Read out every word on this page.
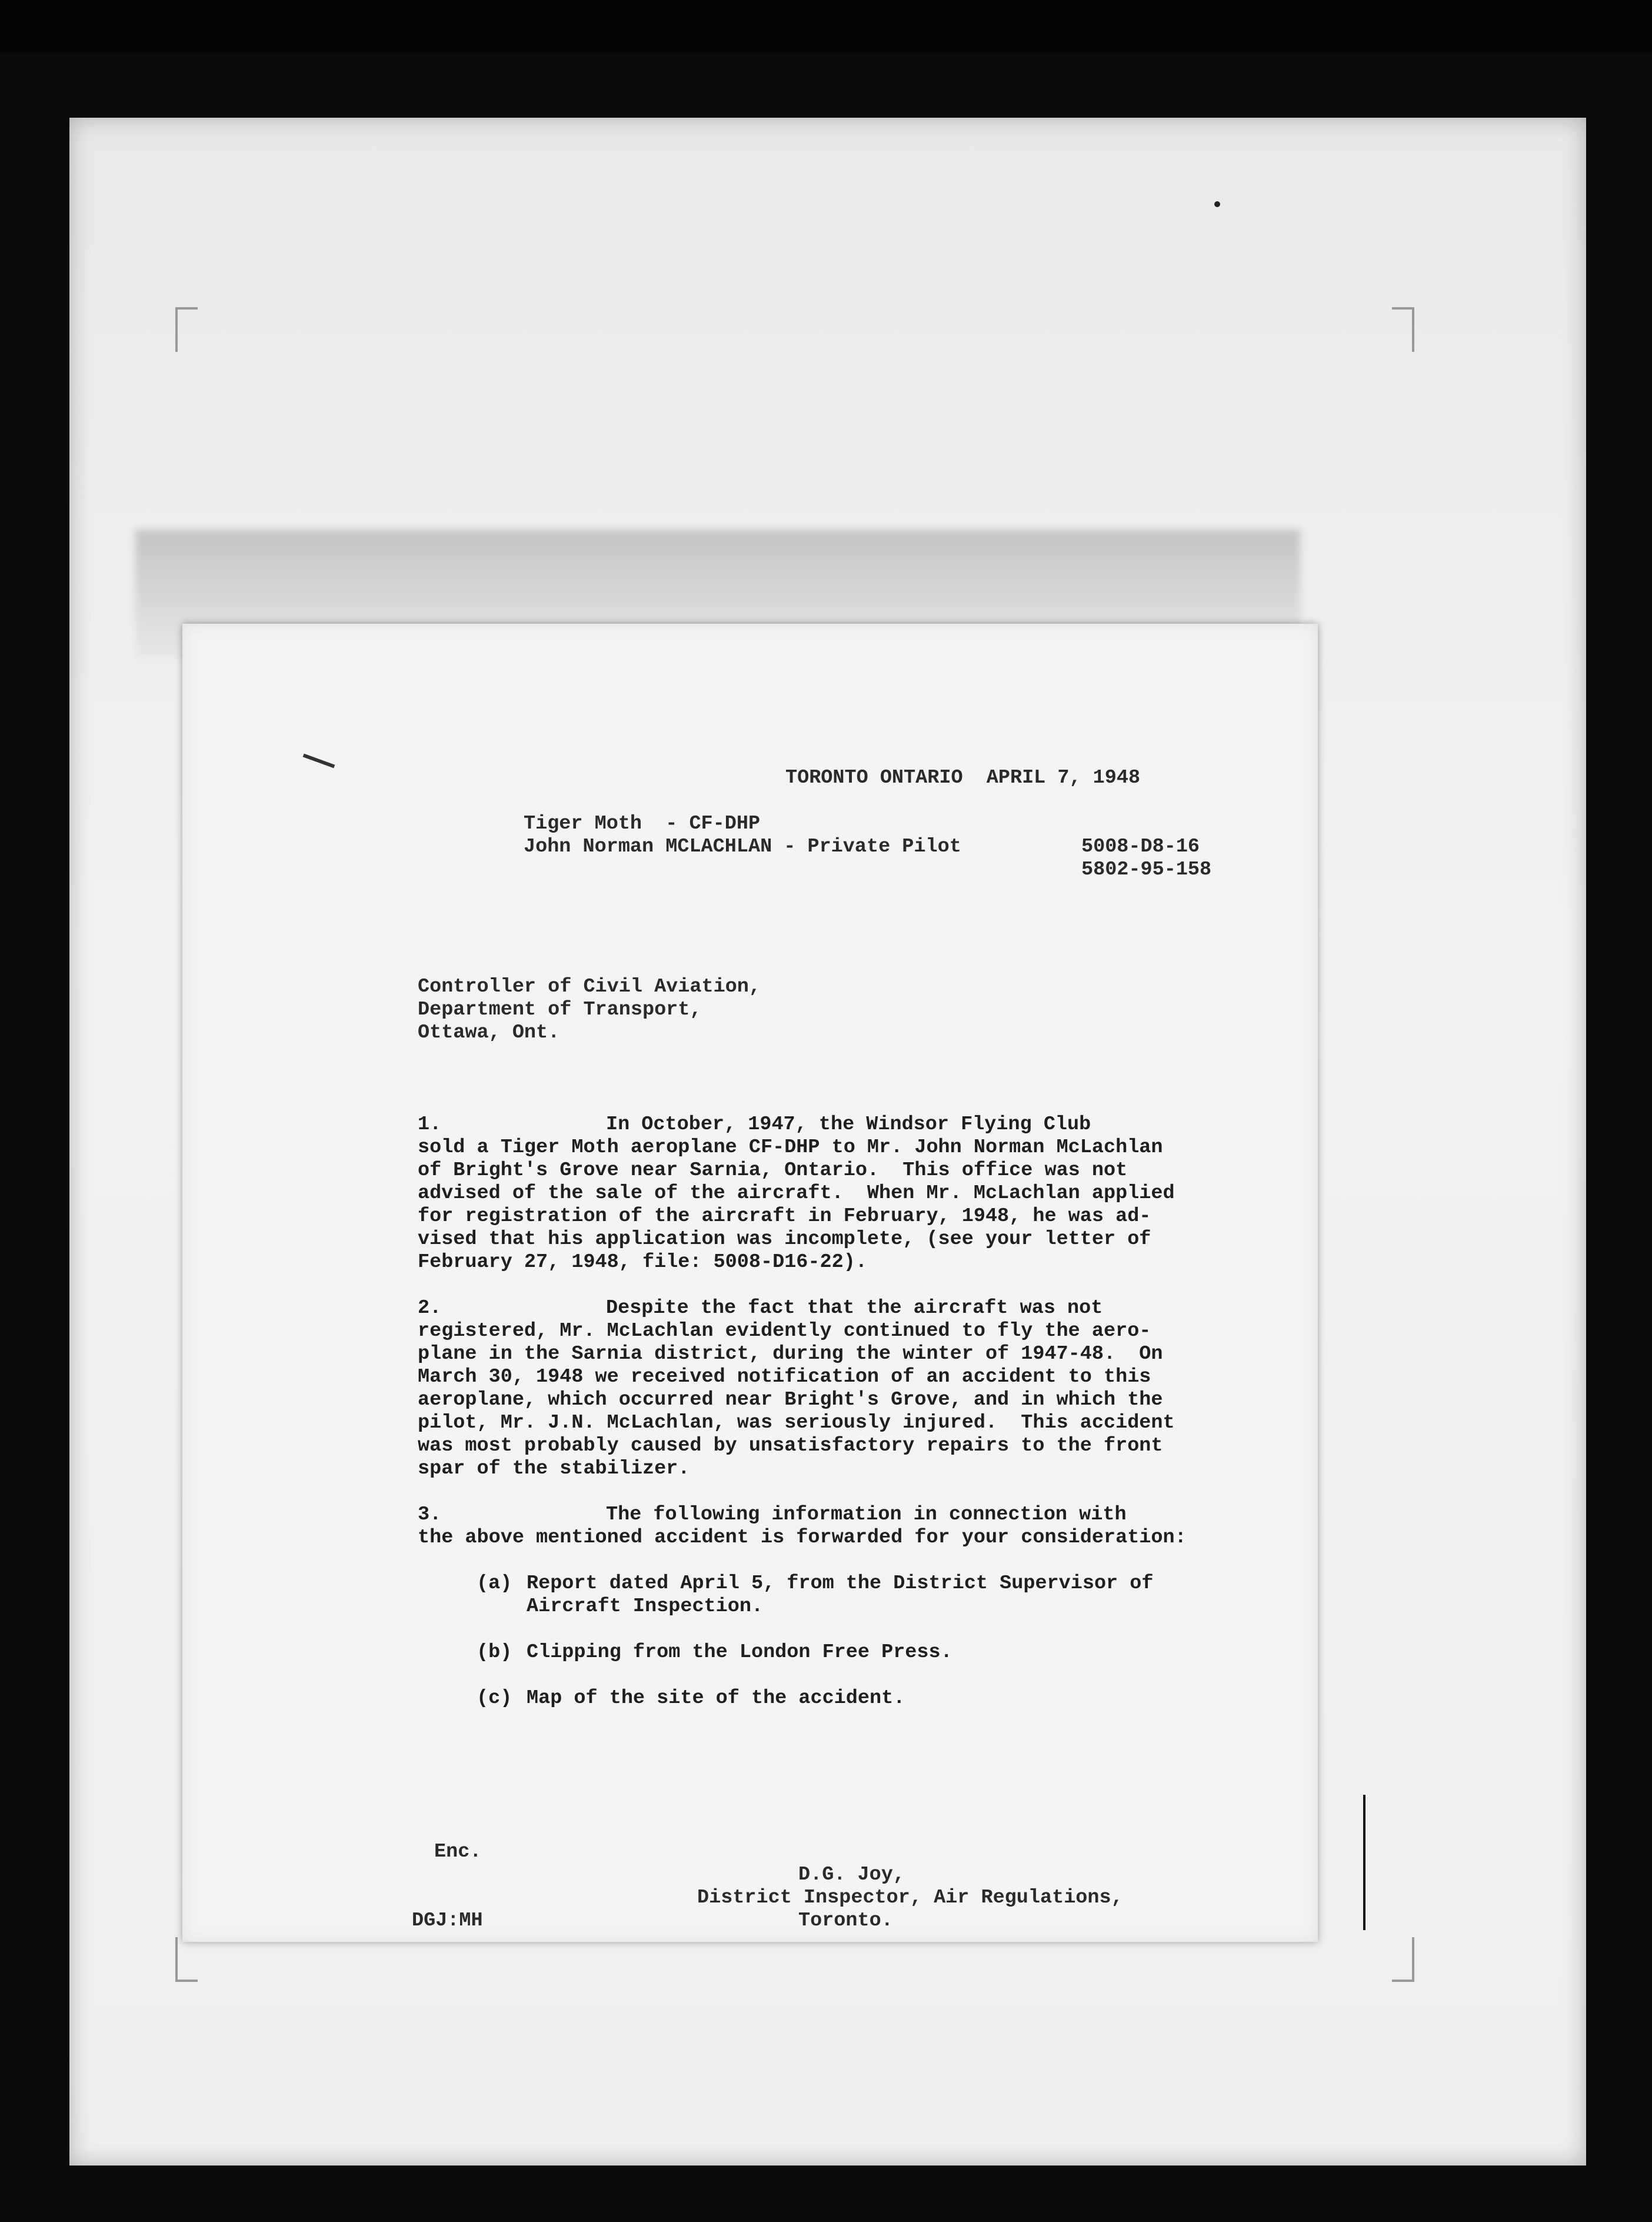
TORONTO ONTARIO  APRIL 7, 1948
Tiger Moth  - CF-DHP
John Norman MCLACHLAN - Private Pilot	5008-D8-16
5802-95-158
Controller of Civil Aviation,
Department of Transport,
Ottawa, Ont.
1.	In October, 1947, the Windsor Flying Club
sold a Tiger Moth aeroplane CF-DHP to Mr. John Norman McLachlan
of Bright's Grove near Sarnia, Ontario.  This office was not
advised of the sale of the aircraft.  When Mr. McLachlan applied
for registration of the aircraft in February, 1948, he was ad-
vised that his application was incomplete, (see your letter of
February 27, 1948, file: 5008-D16-22).
2.	Despite the fact that the aircraft was not
registered, Mr. McLachlan evidently continued to fly the aero-
plane in the Sarnia district, during the winter of 1947-48.  On
March 30, 1948 we received notification of an accident to this
aeroplane, which occurred near Bright's Grove, and in which the
pilot, Mr. J.N. McLachlan, was seriously injured.  This accident
was most probably caused by unsatisfactory repairs to the front
spar of the stabilizer.
3.	The following information in connection with
the above mentioned accident is forwarded for your consideration:
(a) Report dated April 5, from the District Supervisor of
Aircraft Inspection.
(b) Clipping from the London Free Press.
(c) Map of the site of the accident.
Enc.
D.G. Joy,
District Inspector, Air Regulations,
Toronto.
DGJ:MH
